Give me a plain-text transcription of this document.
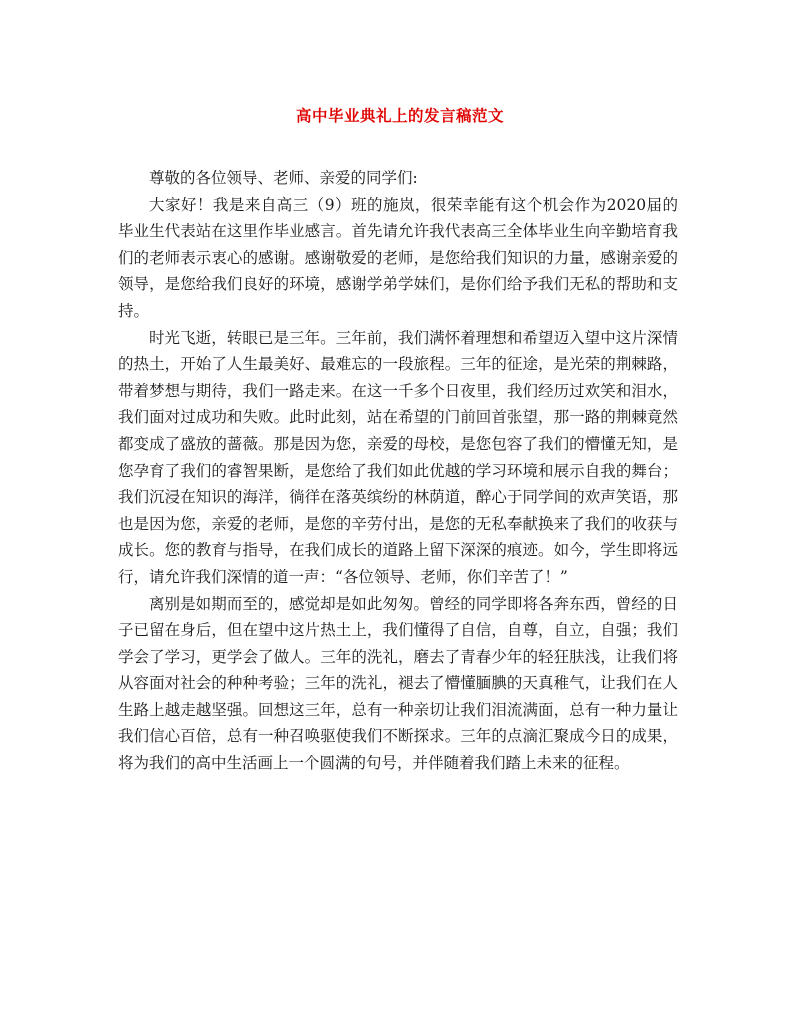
高中毕业典礼上的发言稿范文

尊敬的各位领导、老师、亲爱的同学们:

大家好！我是来自高三（9）班的施岚，很荣幸能有这个机会作为2020届的毕业生代表站在这里作毕业感言。首先请允许我代表高三全体毕业生向辛勤培育我们的老师表示衷心的感谢。感谢敬爱的老师，是您给我们知识的力量，感谢亲爱的领导，是您给我们良好的环境，感谢学弟学妹们，是你们给予我们无私的帮助和支持。

时光飞逝，转眼已是三年。三年前，我们满怀着理想和希望迈入望中这片深情的热土，开始了人生最美好、最难忘的一段旅程。三年的征途，是光荣的荆棘路，带着梦想与期待，我们一路走来。在这一千多个日夜里，我们经历过欢笑和泪水，我们面对过成功和失败。此时此刻，站在希望的门前回首张望，那一路的荆棘竟然都变成了盛放的蔷薇。那是因为您，亲爱的母校，是您包容了我们的懵懂无知，是您孕育了我们的睿智果断，是您给了我们如此优越的学习环境和展示自我的舞台；我们沉浸在知识的海洋，徜徉在落英缤纷的林荫道，醉心于同学间的欢声笑语，那也是因为您，亲爱的老师，是您的辛劳付出，是您的无私奉献换来了我们的收获与成长。您的教育与指导，在我们成长的道路上留下深深的痕迹。如今，学生即将远行，请允许我们深情的道一声：“各位领导、老师，你们辛苦了！”

离别是如期而至的，感觉却是如此匆匆。曾经的同学即将各奔东西，曾经的日子已留在身后，但在望中这片热土上，我们懂得了自信，自尊，自立，自强；我们学会了学习，更学会了做人。三年的洗礼，磨去了青春少年的轻狂肤浅，让我们将从容面对社会的种种考验；三年的洗礼，褪去了懵懂腼腆的天真稚气，让我们在人生路上越走越坚强。回想这三年，总有一种亲切让我们泪流满面，总有一种力量让我们信心百倍，总有一种召唤驱使我们不断探求。三年的点滴汇聚成今日的成果，将为我们的高中生活画上一个圆满的句号，并伴随着我们踏上未来的征程。
